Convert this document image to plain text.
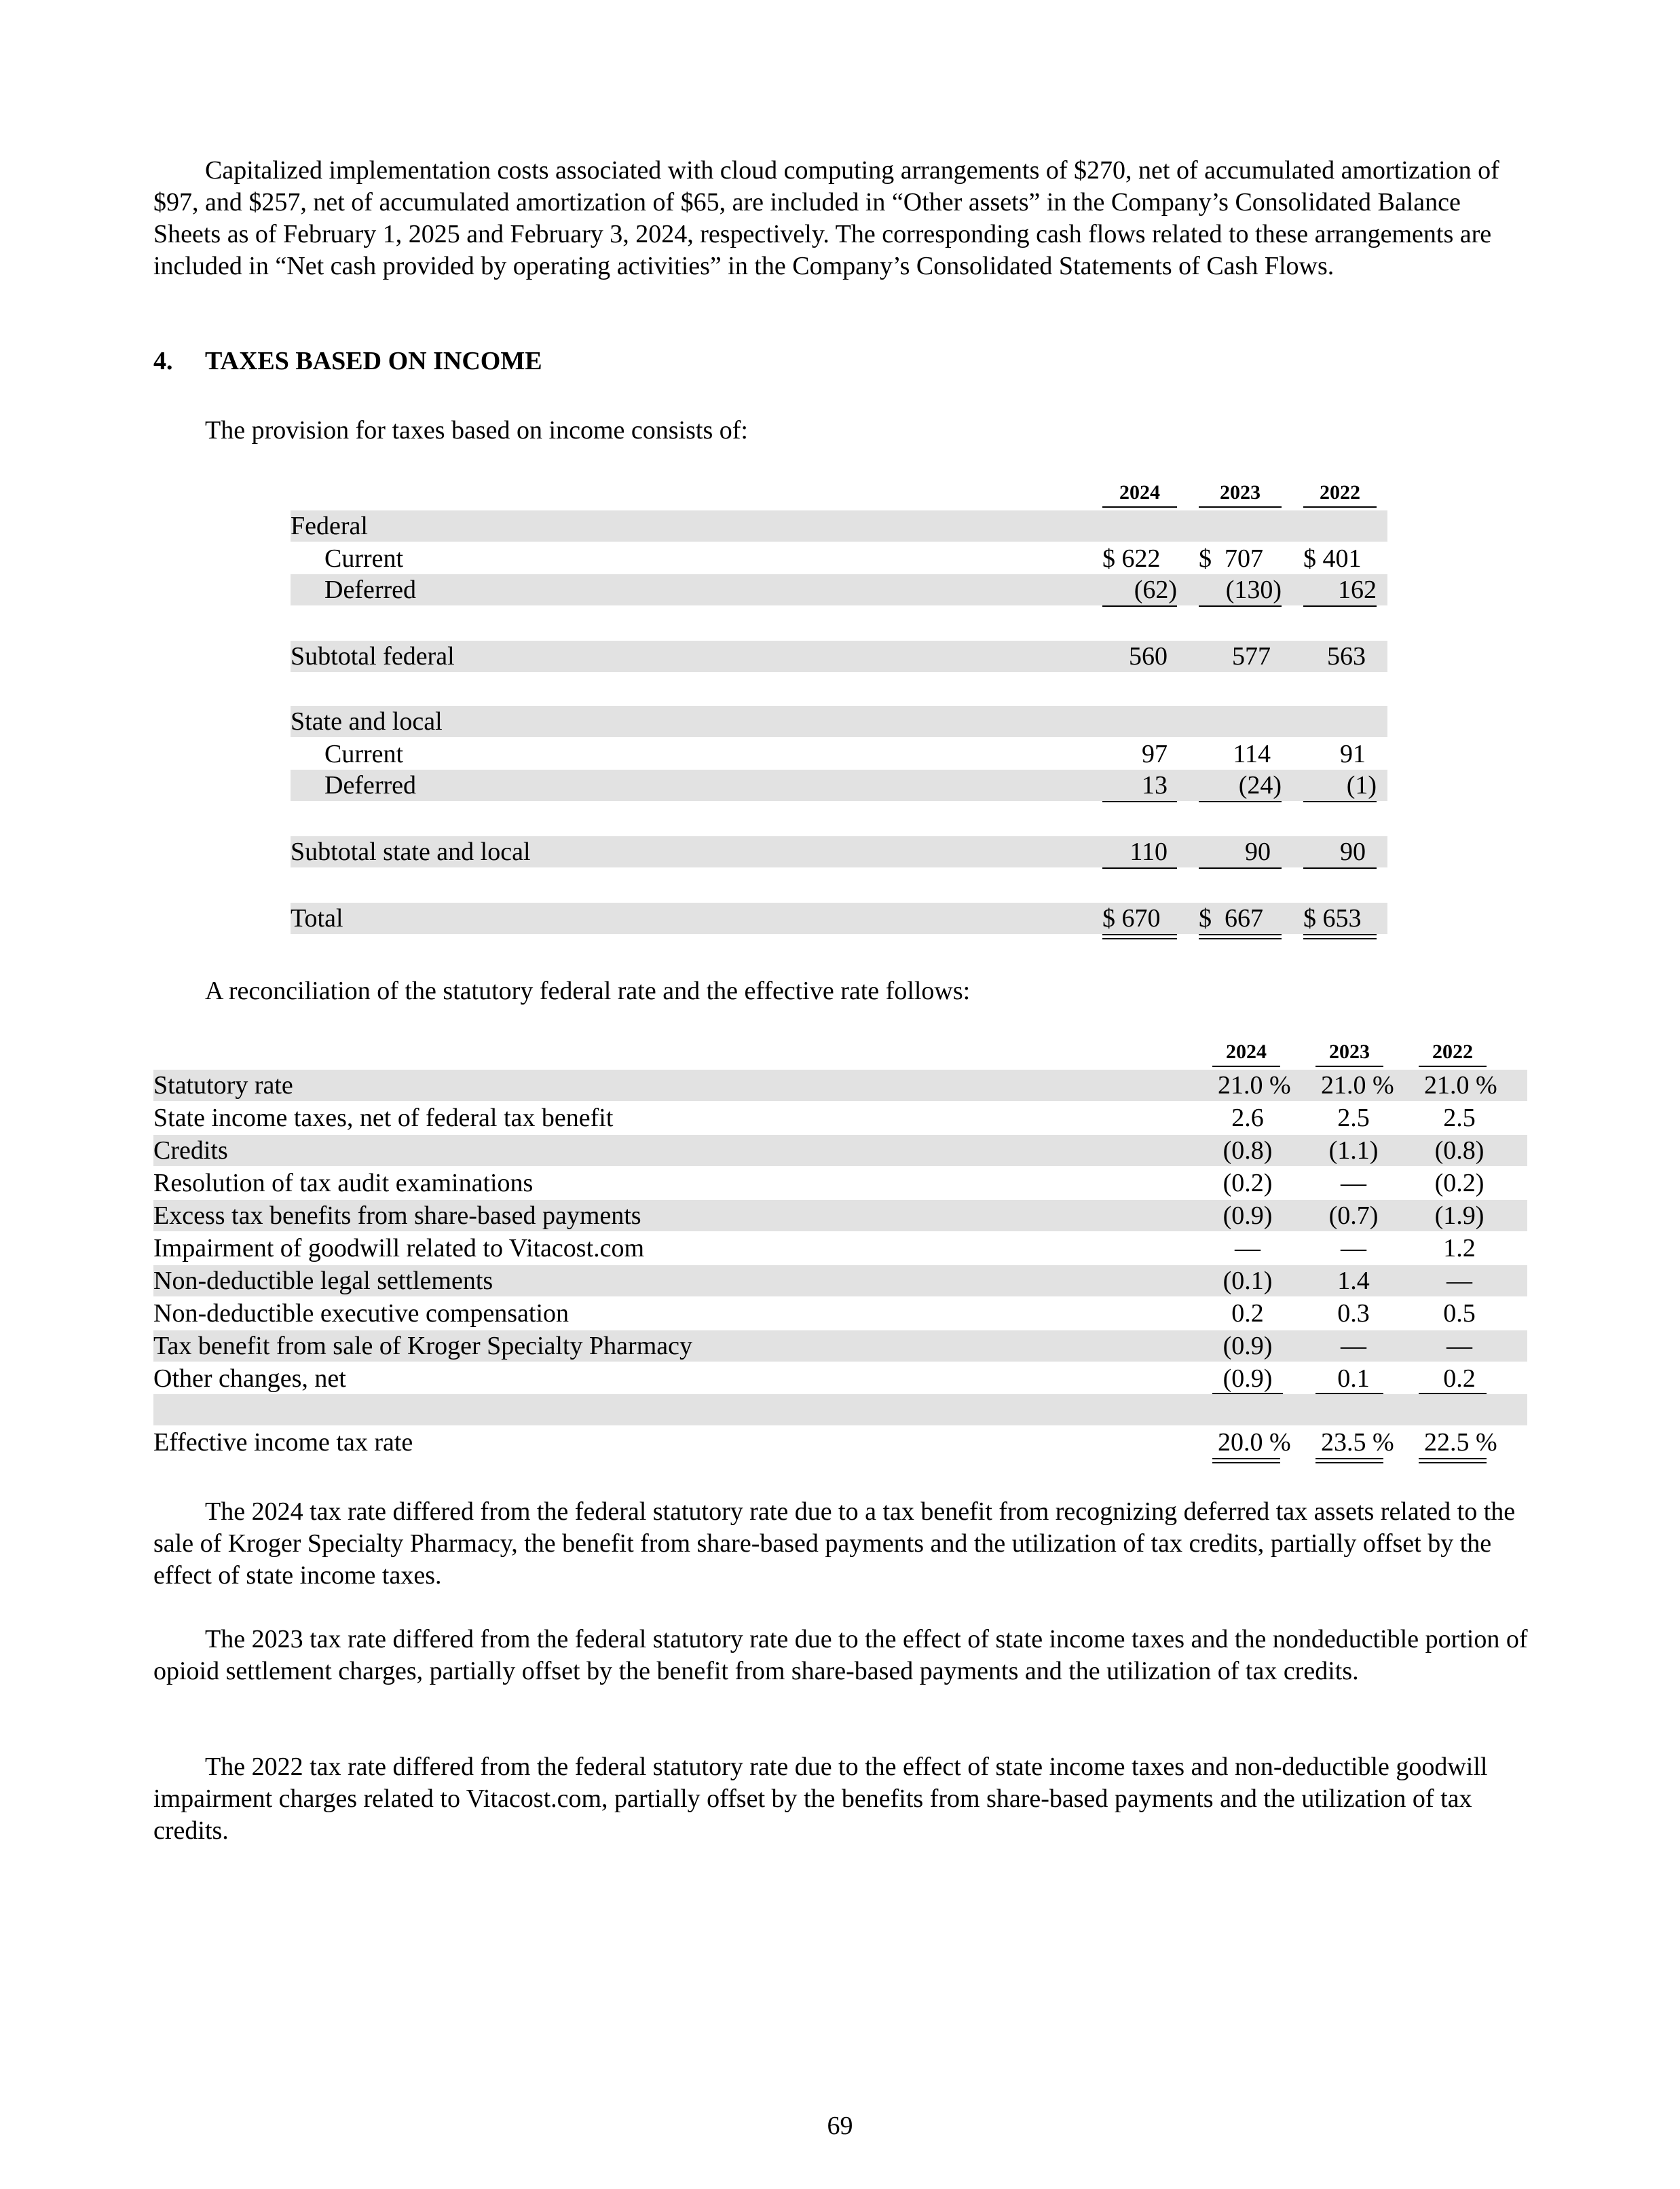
Capitalized implementation costs associated with cloud computing arrangements of $270, net of accumulated amortization of $97, and $257, net of accumulated amortization of $65, are included in “Other assets” in the Company’s Consolidated Balance Sheets as of February 1, 2025 and February 3, 2024, respectively. The corresponding cash flows related to these arrangements are included in “Net cash provided by operating activities” in the Company’s Consolidated Statements of Cash Flows.

4. TAXES BASED ON INCOME
The provision for taxes based on income consists of:
2024	2023	2022
Federal
Current	$ 622 $  707 $ 401
Deferred	(62)	(130)	162
Subtotal federal	560	577	563
State and local
Current	97	114	91
Deferred	13	(24)	(1)
Subtotal state and local	110	90	90
Total	$ 670 $  667 $ 653
A reconciliation of the statutory federal rate and the effective rate follows:
2024	2023	2022
Statutory rate	21.0 % 21.0 % 21.0 %
State income taxes, net of federal tax benefit	2.6	2.5	2.5
Credits	(0.8)	(1.1)	(0.8)
Resolution of tax audit examinations	(0.2)	—	(0.2)
Excess tax benefits from share-based payments	(0.9)	(0.7)	(1.9)
Impairment of goodwill related to Vitacost.com	—	—	1.2
Non-deductible legal settlements	(0.1)	1.4	—
Non-deductible executive compensation	0.2	0.3	0.5
Tax benefit from sale of Kroger Specialty Pharmacy	(0.9)	—	—
Other changes, net	(0.9)	0.1	0.2
Effective income tax rate	20.0 % 23.5 % 22.5 %

The 2024 tax rate differed from the federal statutory rate due to a tax benefit from recognizing deferred tax assets related to the sale of Kroger Specialty Pharmacy, the benefit from share-based payments and the utilization of tax credits, partially offset by the effect of state income taxes.

The 2023 tax rate differed from the federal statutory rate due to the effect of state income taxes and the nondeductible portion of opioid settlement charges, partially offset by the benefit from share-based payments and the utilization of tax credits.

The 2022 tax rate differed from the federal statutory rate due to the effect of state income taxes and non-deductible goodwill impairment charges related to Vitacost.com, partially offset by the benefits from share-based payments and the utilization of tax credits.

69
